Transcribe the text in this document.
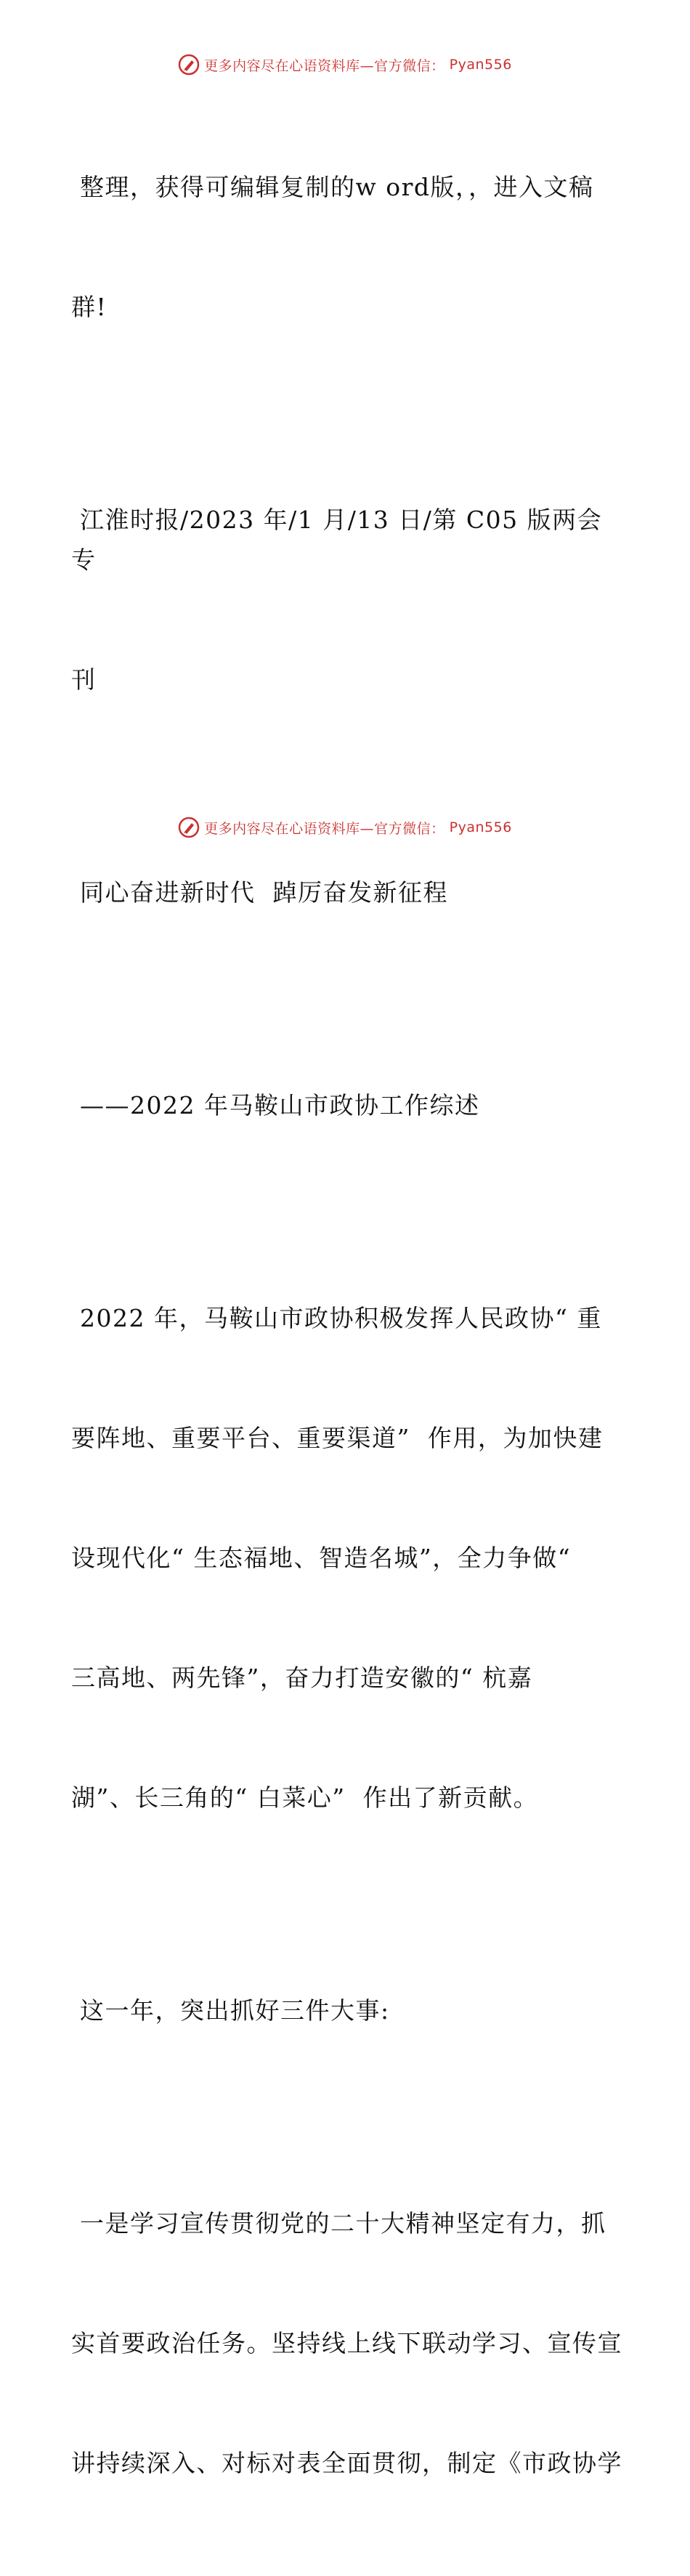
更多内容尽在心语资料库—官方微信： Pyan556

整理，获得可编辑复制的w ord版，，进入文稿

群!

江淮时报/2023 年/1 月/13 日/第 C05 版两会专

刊

同心奋进新时代  踔厉奋发新征程

——2022 年马鞍山市政协工作综述

2022 年，马鞍山市政协积极发挥人民政协“ 重

要阵地、重要平台、重要渠道”  作用，为加快建

设现代化“ 生态福地、智造名城”，全力争做“

三高地、两先锋”，奋力打造安徽的“ 杭嘉

湖”、长三角的“ 白菜心”  作出了新贡献。

这一年，突出抓好三件大事:

一是学习宣传贯彻党的二十大精神坚定有力，抓

实首要政治任务。坚持线上线下联动学习、宣传宣

讲持续深入、对标对表全面贯彻，制定《市政协学

更多内容尽在心语资料库—官方微信： Pyan556
